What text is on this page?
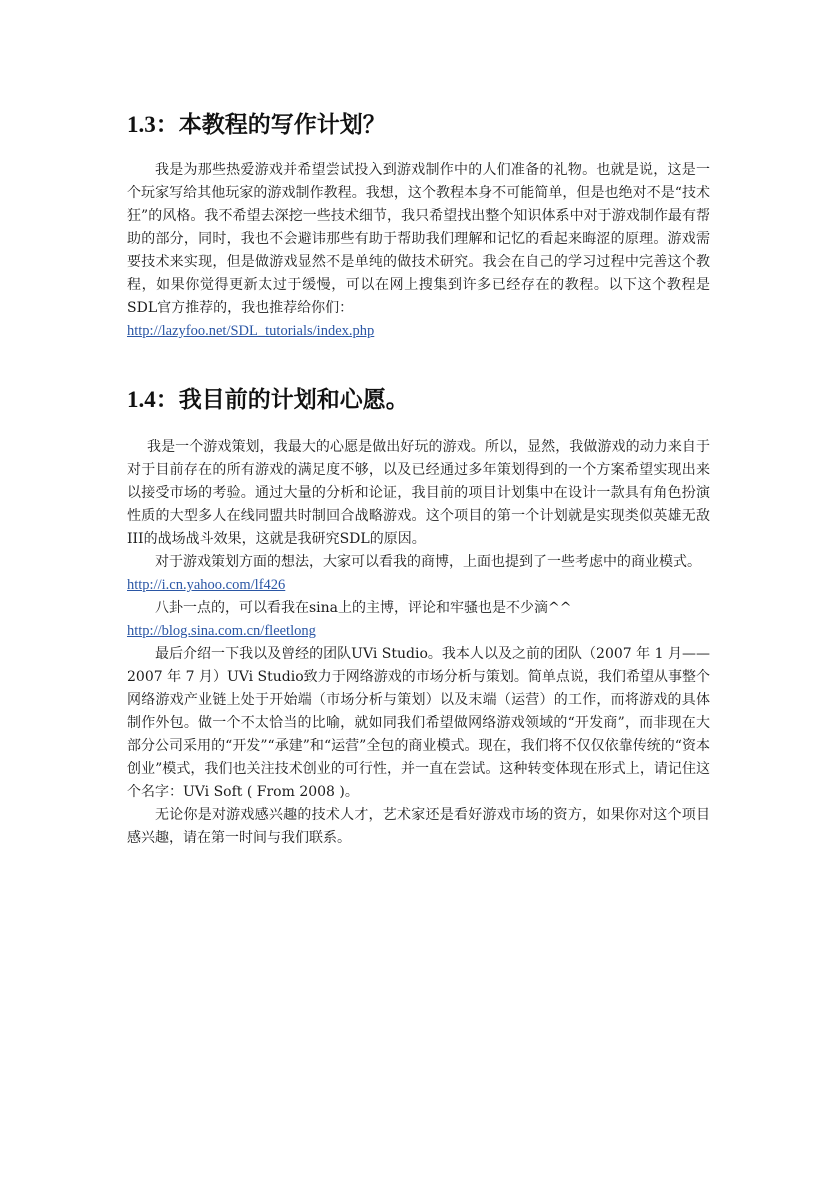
1.3：本教程的写作计划？

我是为那些热爱游戏并希望尝试投入到游戏制作中的人们准备的礼物。也就是说，这是一个玩家写给其他玩家的游戏制作教程。我想，这个教程本身不可能简单，但是也绝对不是“技术狂”的风格。我不希望去深挖一些技术细节，我只希望找出整个知识体系中对于游戏制作最有帮助的部分，同时，我也不会避讳那些有助于帮助我们理解和记忆的看起来晦涩的原理。游戏需要技术来实现，但是做游戏显然不是单纯的做技术研究。我会在自己的学习过程中完善这个教程，如果你觉得更新太过于缓慢，可以在网上搜集到许多已经存在的教程。以下这个教程是SDL官方推荐的，我也推荐给你们：

http://lazyfoo.net/SDL_tutorials/index.php
1.4：我目前的计划和心愿。

我是一个游戏策划，我最大的心愿是做出好玩的游戏。所以，显然，我做游戏的动力来自于对于目前存在的所有游戏的满足度不够，以及已经通过多年策划得到的一个方案希望实现出来以接受市场的考验。通过大量的分析和论证，我目前的项目计划集中在设计一款具有角色扮演性质的大型多人在线同盟共时制回合战略游戏。这个项目的第一个计划就是实现类似英雄无敌III的战场战斗效果，这就是我研究SDL的原因。

对于游戏策划方面的想法，大家可以看我的商博，上面也提到了一些考虑中的商业模式。

http://i.cn.yahoo.com/lf426

八卦一点的，可以看我在sina上的主博，评论和牢骚也是不少滴^^

http://blog.sina.com.cn/fleetlong

最后介绍一下我以及曾经的团队UVi Studio。我本人以及之前的团队（2007 年 1 月——2007 年 7 月）UVi Studio致力于网络游戏的市场分析与策划。简单点说，我们希望从事整个网络游戏产业链上处于开始端（市场分析与策划）以及末端（运营）的工作，而将游戏的具体制作外包。做一个不太恰当的比喻，就如同我们希望做网络游戏领域的“开发商”，而非现在大部分公司采用的“开发”“承建”和“运营”全包的商业模式。现在，我们将不仅仅依靠传统的“资本创业”模式，我们也关注技术创业的可行性，并一直在尝试。这种转变体现在形式上，请记住这个名字：UVi Soft ( From 2008 )。

无论你是对游戏感兴趣的技术人才，艺术家还是看好游戏市场的资方，如果你对这个项目感兴趣，请在第一时间与我们联系。
